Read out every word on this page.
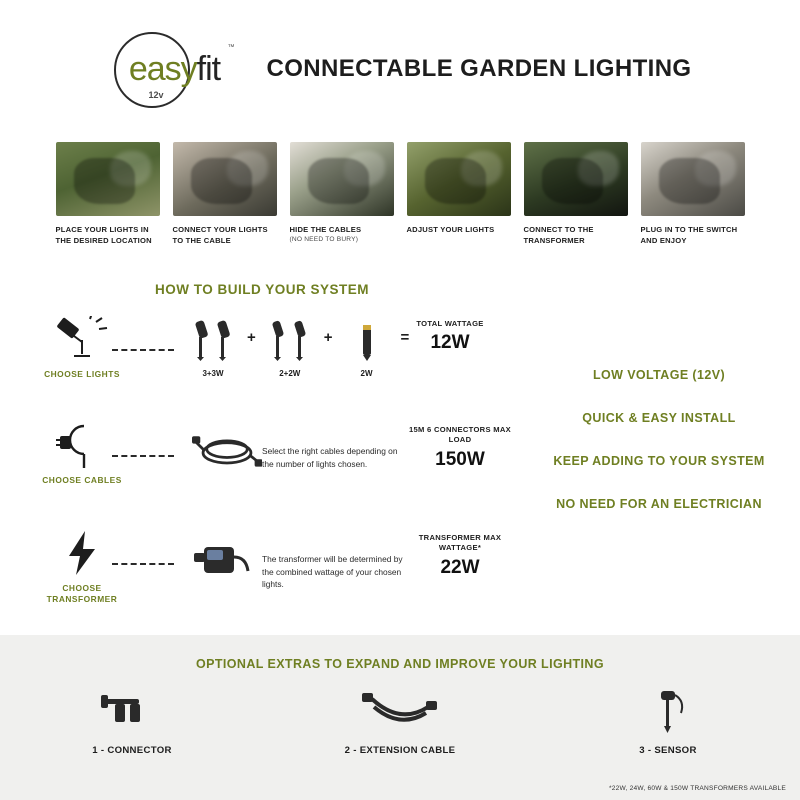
easyfit
™
12v
CONNECTABLE GARDEN LIGHTING
PLACE YOUR LIGHTS IN THE DESIRED LOCATION
CONNECT YOUR LIGHTS TO THE CABLE
HIDE THE CABLES
(NO NEED TO BURY)
ADJUST YOUR LIGHTS	CONNECT TO THE TRANSFORMER
PLUG IN TO THE SWITCH AND ENJOY
HOW TO BUILD YOUR SYSTEM
CHOOSE LIGHTS	3+3W
+
2+2W
+
2W
=
TOTAL WATTAGE
12W
CHOOSE CABLES
Select the right cables depending on the number of lights chosen.
15M 6 CONNECTORS MAX LOAD
150W
CHOOSE TRANSFORMER
The transformer will be determined by the combined wattage of your chosen lights.
TRANSFORMER MAX WATTAGE*
22W
LOW VOLTAGE (12V)
QUICK & EASY INSTALL
KEEP ADDING TO YOUR SYSTEM
NO NEED FOR AN ELECTRICIAN
OPTIONAL EXTRAS TO EXPAND AND IMPROVE YOUR LIGHTING
1 - CONNECTOR	2 - EXTENSION CABLE	3 - SENSOR
*22W, 24W, 60W & 150W TRANSFORMERS AVAILABLE
